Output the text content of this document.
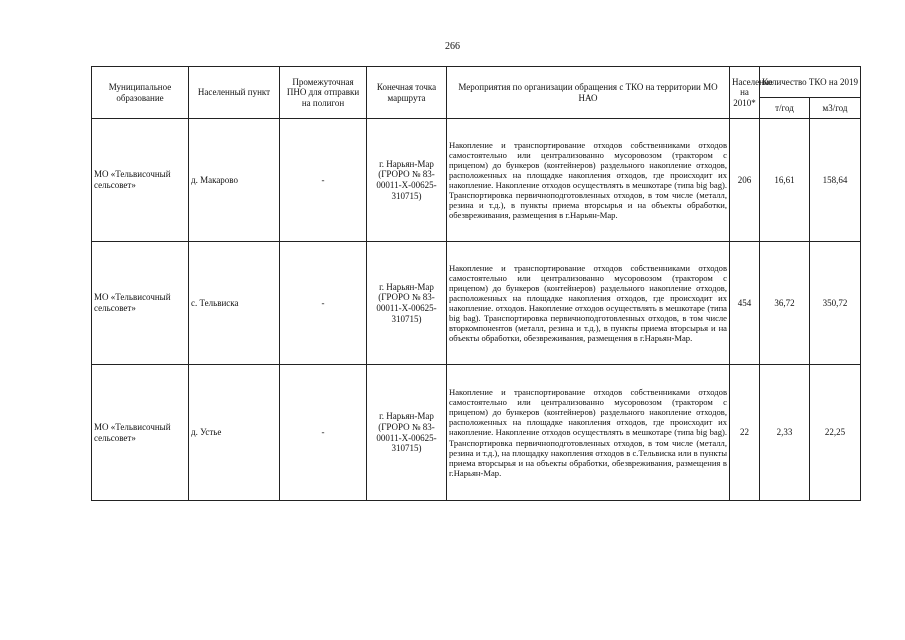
266
Муниципальное образование	Населенный пункт	Промежуточная ПНО для отправки на полигон	Конечная точка маршрута	Мероприятия по организации обращения с ТКО на территории МО НАО	Население на 2010*	Количество ТКО на 2019	
						т/год	м3/год
МО «Тельвисочный сельсовет»	д. Макарово	-	г. Нарьян-Мар (ГРОРО № 83-00011-Х-00625-310715)	Накопление и транспортирование отходов собственниками отходов самостоятельно или централизованно мусоровозом (трактором с прицепом) до бункеров (контейнеров) раздельного накопление отходов, расположенных на площадке накопления отходов, где происходит их накопление. Накопление отходов осуществлять в мешкотаре (типа big bag). Транспортировка первичноподготовленных отходов, в том числе (металл, резина и т.д.), в пункты приема вторсырья и на объекты обработки, обезвреживания, размещения в г.Нарьян-Мар.	206	16,61	158,64
МО «Тельвисочный сельсовет»	с. Тельвиска	-	г. Нарьян-Мар (ГРОРО № 83-00011-Х-00625-310715)	Накопление и транспортирование отходов собственниками отходов самостоятельно или централизованно мусоровозом (трактором с прицепом) до бункеров (контейнеров) раздельного накопление отходов, расположенных на площадке накопления отходов, где происходит их накопление. отходов. Накопление отходов осуществлять в мешкотаре (типа big bag). Транспортировка первичноподготовленных отходов, в том числе вторкомпонентов (металл, резина и т.д.), в пункты приема вторсырья и на объекты обработки, обезвреживания, размещения в г.Нарьян-Мар.	454	36,72	350,72
МО «Тельвисочный сельсовет»	д. Устье	-	г. Нарьян-Мар (ГРОРО № 83-00011-Х-00625-310715)	Накопление и транспортирование отходов собственниками отходов самостоятельно или централизованно мусоровозом (трактором с прицепом) до бункеров (контейнеров) раздельного накопление отходов, расположенных на площадке накопления отходов, где происходит их накопление. Накопление отходов осуществлять в мешкотаре (типа big bag). Транспортировка первичноподготовленных отходов, в том числе (металл, резина и т.д.), на площадку накопления отходов в с.Тельвиска или в пункты приема вторсырья и на объекты обработки, обезвреживания, размещения в г.Нарьян-Мар.	22	2,33	22,25
